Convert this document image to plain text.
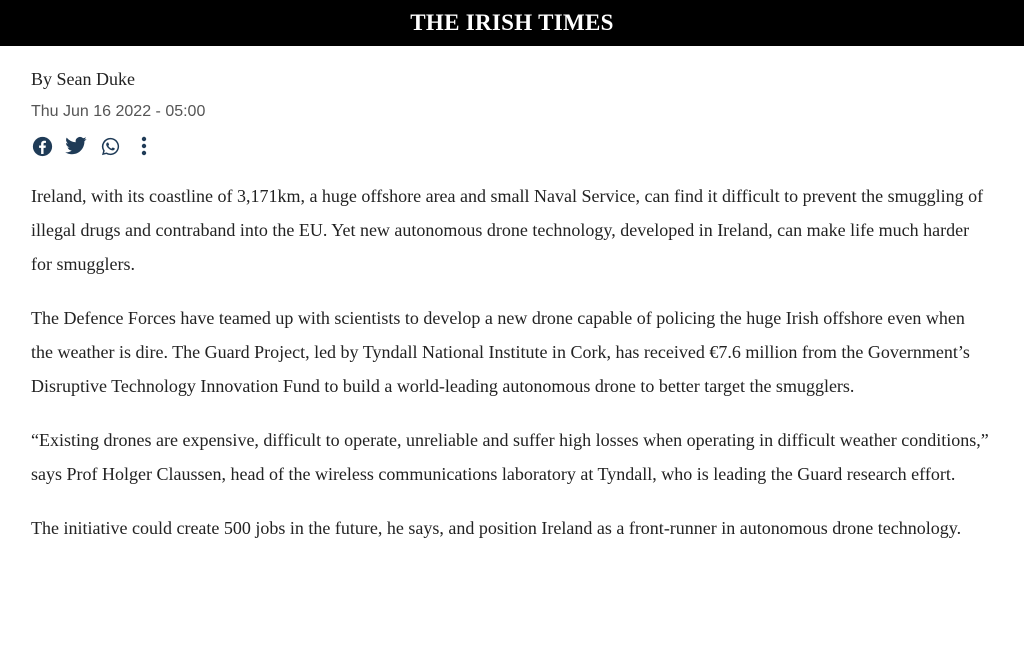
THE IRISH TIMES
By Sean Duke
Thu Jun 16 2022 - 05:00

Ireland, with its coastline of 3,171km, a huge offshore area and small Naval Service, can find it difficult to prevent the smuggling of illegal drugs and contraband into the EU. Yet new autonomous drone technology, developed in Ireland, can make life much harder for smugglers.

The Defence Forces have teamed up with scientists to develop a new drone capable of policing the huge Irish offshore even when the weather is dire. The Guard Project, led by Tyndall National Institute in Cork, has received €7.6 million from the Government’s Disruptive Technology Innovation Fund to build a world-leading autonomous drone to better target the smugglers.

“Existing drones are expensive, difficult to operate, unreliable and suffer high losses when operating in difficult weather conditions,” says Prof Holger Claussen, head of the wireless communications laboratory at Tyndall, who is leading the Guard research effort.

The initiative could create 500 jobs in the future, he says, and position Ireland as a front-runner in autonomous drone technology.
